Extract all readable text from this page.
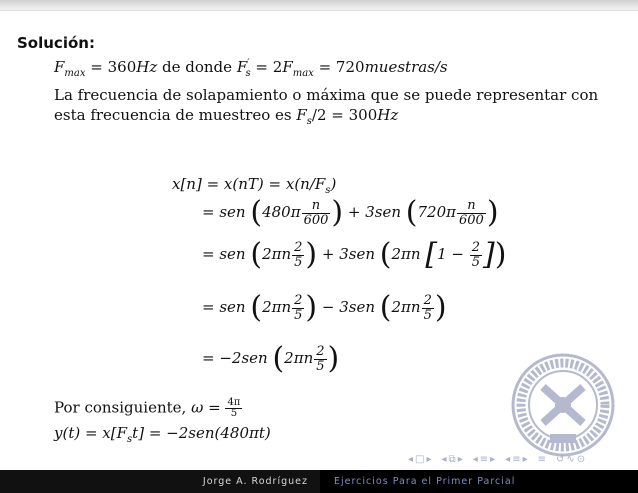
Solución:
$F_{max} = 360Hz$ de donde $F'_s = 2F_{max}$ = 720muestras/s
La frecuencia de solapamiento o máxima que se puede representar con
esta frecuencia de muestreo es $F_s/2 = 300Hz$
$x[n] = x(nT) = x(n/F_s)$
= sen ($480\pi \frac{n}{600}$ ) + 3sen ($720\pi \frac{n}{600}$ )
= sen ($2\pi n \frac{2}{5}$ ) + 3sen (2πn [$1 - \frac{2}{5}$ ])
= sen ($2\pi n \frac{2}{5}$ ) − 3sen ($2\pi n \frac{2}{5}$ )
= −2sen ($2\pi n \frac{2}{5}$ )
Por consiguiente, $\omega = \frac{4\pi}{5}$
$y(t) = x[F_st] = -2sen(480\pi t)$
◂ □ ▸ ◂ ⧉ ▸ ◂ ≡ ▸ ◂ ≡ ▸ ≡ ↺ ∿ ⊙
Jorge A. Rodríguez	Ejercicios Para el Primer Parcial
